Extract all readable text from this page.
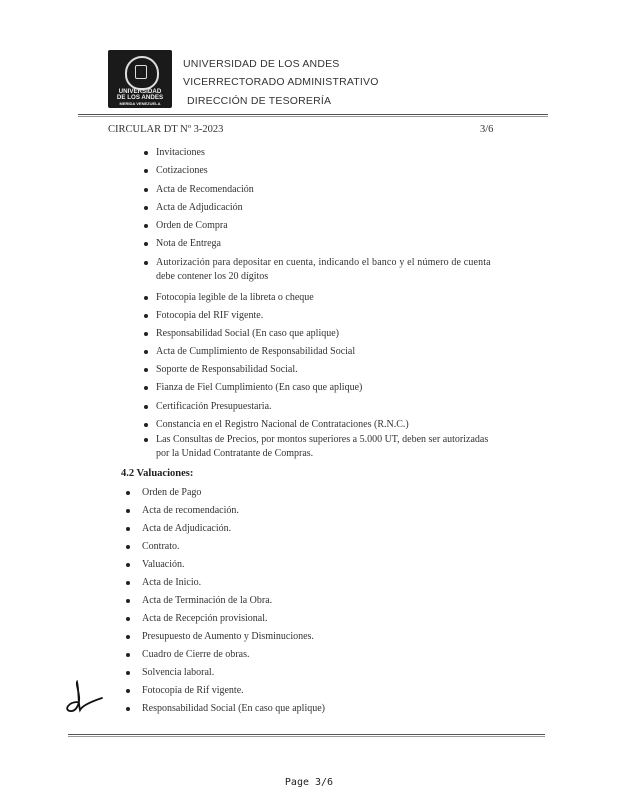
UNIVERSIDAD
DE LOS ANDES
MERIDA VENEZUELA
UNIVERSIDAD DE LOS ANDES
VICERRECTORADO ADMINISTRATIVO
DIRECCIÓN DE TESORERÍA
CIRCULAR DT Nº 3-2023	3/6
Invitaciones
Cotizaciones
Acta de Recomendación
Acta de Adjudicación
Orden de Compra
Nota de Entrega
Autorización para depositar en cuenta, indicando el banco y el número de cuenta
debe contener los 20 dígitos
Fotocopia legible de la libreta o cheque
Fotocopia del RIF vigente.
Responsabilidad Social (En caso que aplique)
Acta de Cumplimiento de Responsabilidad Social
Soporte de Responsabilidad Social.
Fianza de Fiel Cumplimiento (En caso que aplique)
Certificación Presupuestaria.
Constancia en el Registro Nacional de Contrataciones (R.N.C.)
Las Consultas de Precios, por montos superiores a 5.000 UT, deben ser autorizadas
por la Unidad Contratante de Compras.
4.2 Valuaciones:
Orden de Pago
Acta de recomendación.
Acta de Adjudicación.
Contrato.
Valuación.
Acta de Inicio.
Acta de Terminación de la Obra.
Acta de Recepción provisional.
Presupuesto de Aumento y Disminuciones.
Cuadro de Cierre de obras.
Solvencia laboral.
Fotocopia de Rif vigente.
Responsabilidad Social (En caso que aplique)
Page 3/6
